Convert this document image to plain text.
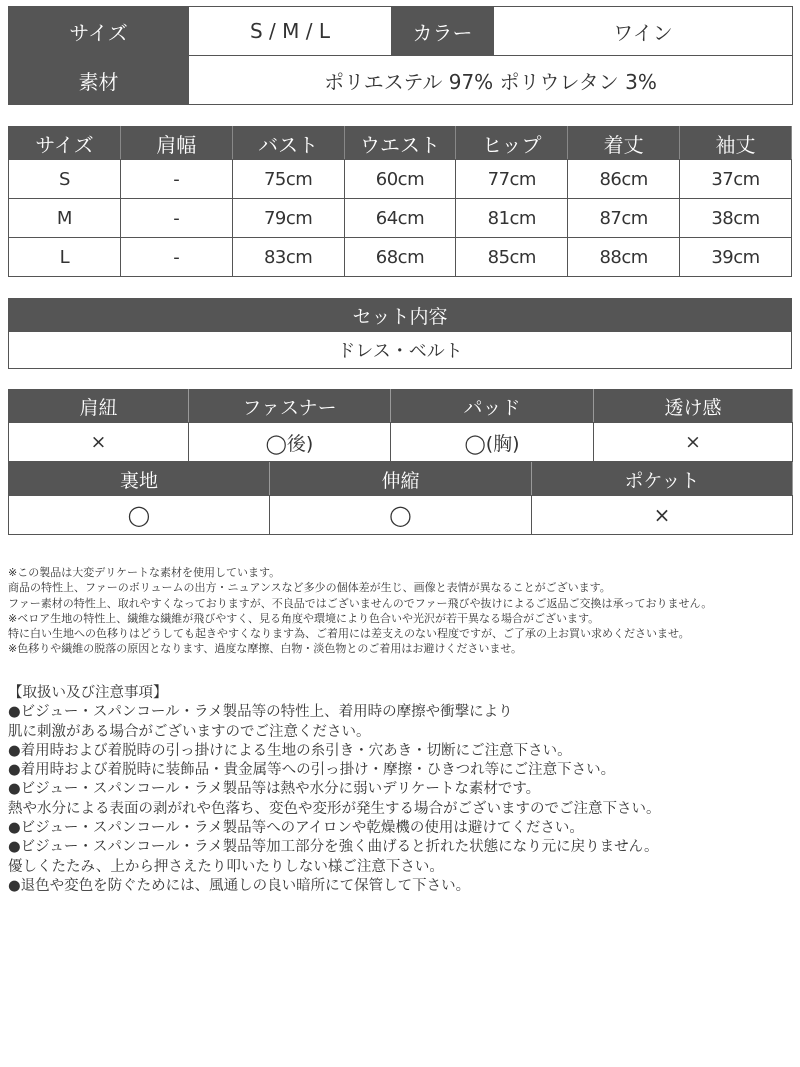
サイズ	S / M / L	カラー	ワイン
素材	ポリエステル 97% ポリウレタン 3%		
サイズ	肩幅	バスト	ウエスト	ヒップ	着丈	袖丈
S	-	75cm	60cm	77cm	86cm	37cm
M	-	79cm	64cm	81cm	87cm	38cm
L	-	83cm	68cm	85cm	88cm	39cm
セット内容
ドレス・ベルト
肩紐	ファスナー	パッド	透け感
×	◯後)	◯(胸)	×
裏地	伸縮	ポケット
◯	◯	×
※この製品は大変デリケートな素材を使用しています。
商品の特性上、ファーのボリュームの出方・ニュアンスなど多少の個体差が生じ、画像と表情が異なることがございます。
ファー素材の特性上、取れやすくなっておりますが、不良品ではございませんのでファー飛びや抜けによるご返品ご交換は承っておりません。
※ベロア生地の特性上、繊維な繊維が飛びやすく、見る角度や環境により色合いや光沢が若干異なる場合がございます。
特に白い生地への色移りはどうしても起きやすくなります為、ご着用には差支えのない程度ですが、ご了承の上お買い求めくださいませ。
※色移りや繊維の脱落の原因となります、過度な摩擦、白物・淡色物とのご着用はお避けくださいませ。
【取扱い及び注意事項】
●ビジュー・スパンコール・ラメ製品等の特性上、着用時の摩擦や衝撃により
肌に刺激がある場合がございますのでご注意ください。
●着用時および着脱時の引っ掛けによる生地の糸引き・穴あき・切断にご注意下さい。
●着用時および着脱時に装飾品・貴金属等への引っ掛け・摩擦・ひきつれ等にご注意下さい。
●ビジュー・スパンコール・ラメ製品等は熱や水分に弱いデリケートな素材です。
熱や水分による表面の剥がれや色落ち、変色や変形が発生する場合がございますのでご注意下さい。
●ビジュー・スパンコール・ラメ製品等へのアイロンや乾燥機の使用は避けてください。
●ビジュー・スパンコール・ラメ製品等加工部分を強く曲げると折れた状態になり元に戻りません。
優しくたたみ、上から押さえたり叩いたりしない様ご注意下さい。
●退色や変色を防ぐためには、風通しの良い暗所にて保管して下さい。
